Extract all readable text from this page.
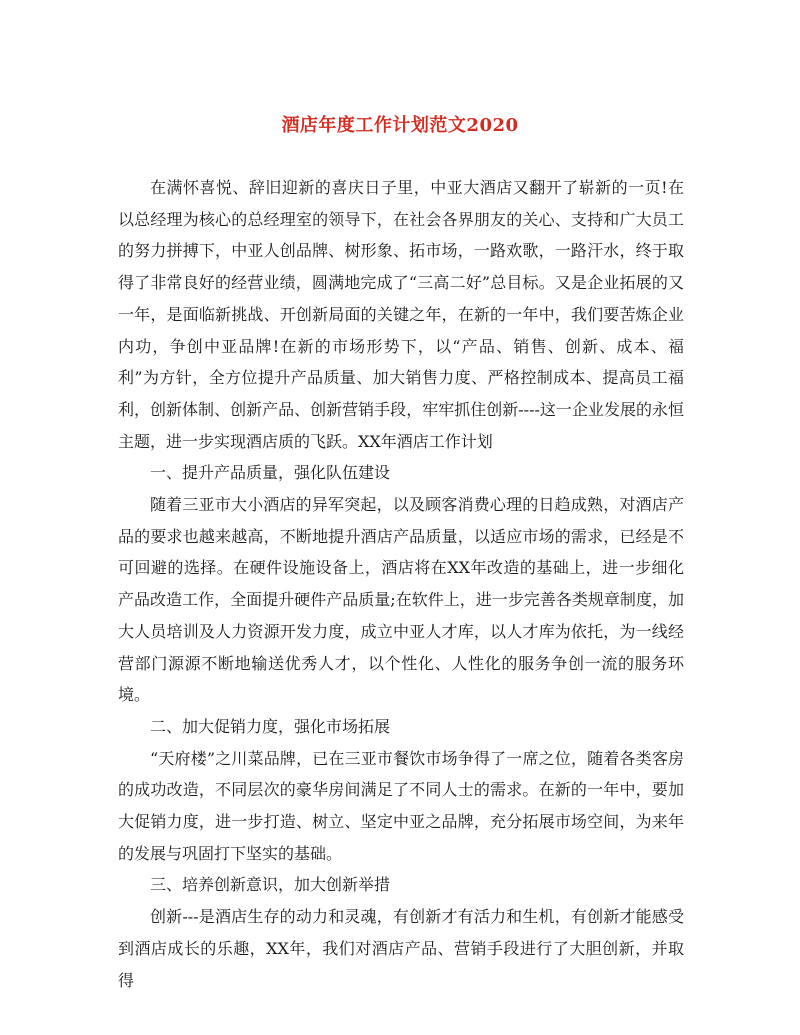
酒店年度工作计划范文2020

在满怀喜悦、辞旧迎新的喜庆日子里，中亚大酒店又翻开了崭新的一页!在以总经理为核心的总经理室的领导下，在社会各界朋友的关心、支持和广大员工的努力拼搏下，中亚人创品牌、树形象、拓市场，一路欢歌，一路汗水，终于取得了非常良好的经营业绩，圆满地完成了“三高二好”总目标。又是企业拓展的又一年，是面临新挑战、开创新局面的关键之年，在新的一年中，我们要苦炼企业内功，争创中亚品牌!在新的市场形势下，以“产品、销售、创新、成本、福利”为方针，全方位提升产品质量、加大销售力度、严格控制成本、提高员工福利，创新体制、创新产品、创新营销手段，牢牢抓住创新----这一企业发展的永恒主题，进一步实现酒店质的飞跃。XX年酒店工作计划

一、提升产品质量，强化队伍建设

随着三亚市大小酒店的异军突起，以及顾客消费心理的日趋成熟，对酒店产品的要求也越来越高，不断地提升酒店产品质量，以适应市场的需求，已经是不可回避的选择。在硬件设施设备上，酒店将在XX年改造的基础上，进一步细化产品改造工作，全面提升硬件产品质量;在软件上，进一步完善各类规章制度，加大人员培训及人力资源开发力度，成立中亚人才库，以人才库为依托，为一线经营部门源源不断地输送优秀人才，以个性化、人性化的服务争创一流的服务环境。

二、加大促销力度，强化市场拓展

“天府楼”之川菜品牌，已在三亚市餐饮市场争得了一席之位，随着各类客房的成功改造，不同层次的豪华房间满足了不同人士的需求。在新的一年中，要加大促销力度，进一步打造、树立、坚定中亚之品牌，充分拓展市场空间，为来年的发展与巩固打下坚实的基础。

三、培养创新意识，加大创新举措

创新---是酒店生存的动力和灵魂，有创新才有活力和生机，有创新才能感受到酒店成长的乐趣，XX年，我们对酒店产品、营销手段进行了大胆创新，并取得
